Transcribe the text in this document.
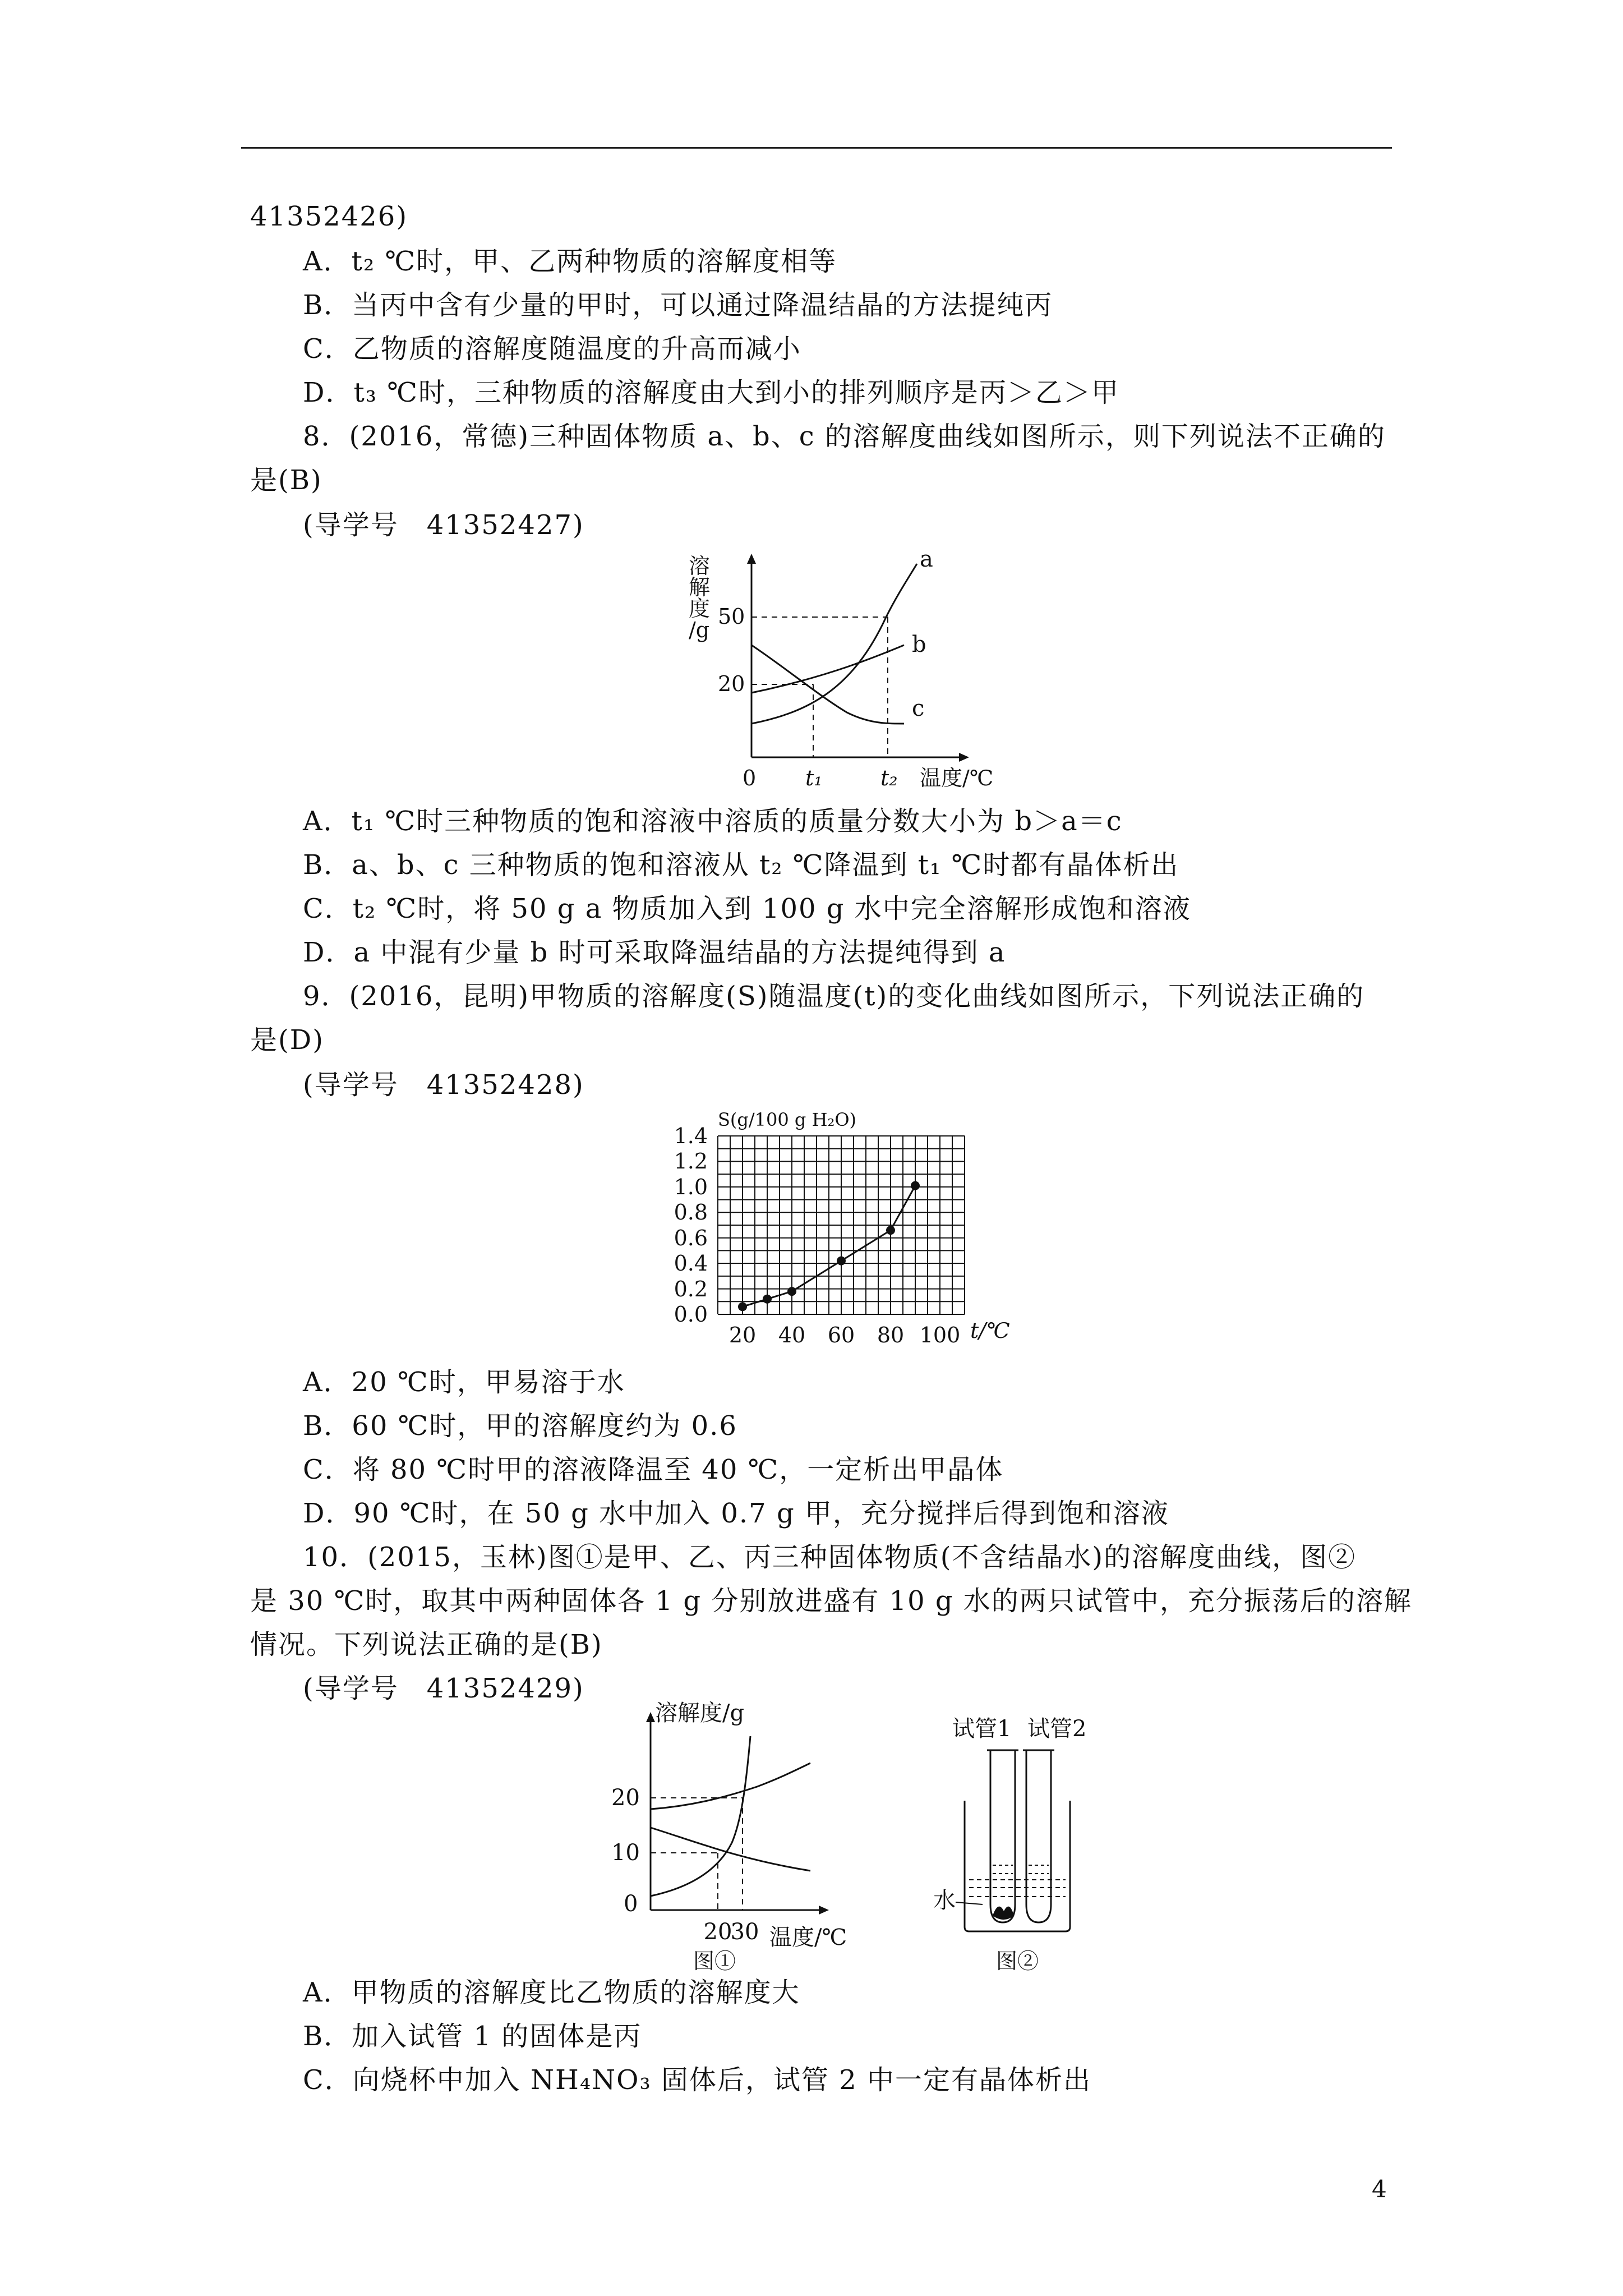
41352426)
A．t₂ ℃时，甲、乙两种物质的溶解度相等
B．当丙中含有少量的甲时，可以通过降温结晶的方法提纯丙
C．乙物质的溶解度随温度的升高而减小
D．t₃ ℃时，三种物质的溶解度由大到小的排列顺序是丙＞乙＞甲
8．(2016，常德)三种固体物质 a、b、c 的溶解度曲线如图所示，则下列说法不正确的
是(B)
(导学号　41352427)
溶
解
度
/g
50
20
0 t₁	t₂ 温度/℃
a
b
c
A．t₁ ℃时三种物质的饱和溶液中溶质的质量分数大小为 b＞a＝c
B．a、b、c 三种物质的饱和溶液从 t₂ ℃降温到 t₁ ℃时都有晶体析出
C．t₂ ℃时，将 50 g a 物质加入到 100 g 水中完全溶解形成饱和溶液
D．a 中混有少量 b 时可采取降温结晶的方法提纯得到 a
9．(2016，昆明)甲物质的溶解度(S)随温度(t)的变化曲线如图所示，下列说法正确的
是(D)
(导学号　41352428)
S(g/100 g H₂O)
1.4
1.2
1.0
0.8
0.6
0.4
0.2
0.0
20 40 60 80 100 t/℃
A．20 ℃时，甲易溶于水
B．60 ℃时，甲的溶解度约为 0.6
C．将 80 ℃时甲的溶液降温至 40 ℃，一定析出甲晶体
D．90 ℃时，在 50 g 水中加入 0.7 g 甲，充分搅拌后得到饱和溶液
10．(2015，玉林)图①是甲、乙、丙三种固体物质(不含结晶水)的溶解度曲线，图②
是 30 ℃时，取其中两种固体各 1 g 分别放进盛有 10 g 水的两只试管中，充分振荡后的溶解
情况。下列说法正确的是(B)
(导学号　41352429)
溶解度/g
20
10
0
20
30 温度/℃
图①
试管1 试管2
水
图②
A．甲物质的溶解度比乙物质的溶解度大
B．加入试管 1 的固体是丙
C．向烧杯中加入 NH₄NO₃ 固体后，试管 2 中一定有晶体析出
4
